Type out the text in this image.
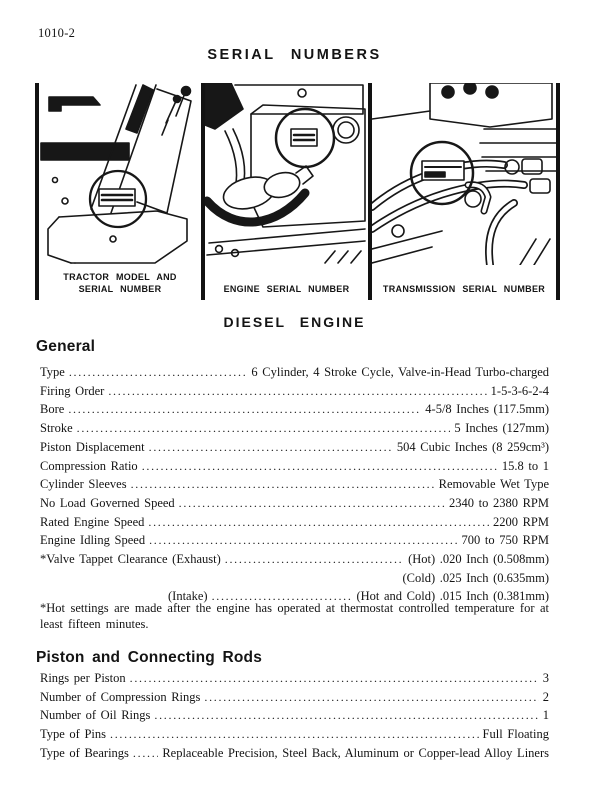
1010-2
SERIAL NUMBERS
TRACTOR MODEL AND SERIAL NUMBER	ENGINE SERIAL NUMBER	TRANSMISSION SERIAL NUMBER
DIESEL ENGINE
General
Type .....	6 Cylinder, 4 Stroke Cycle, Valve-in-Head Turbo-charged
Firing Order .....	1-5-3-6-2-4
Bore .....	4-5/8 Inches (117.5mm)
Stroke .....	5 Inches (127mm)
Piston Displacement .....	504 Cubic Inches (8 259cm³)
Compression Ratio .....	15.8 to 1
Cylinder Sleeves .....	Removable Wet Type
No Load Governed Speed .....	2340 to 2380 RPM
Rated Engine Speed .....	2200 RPM
Engine Idling Speed .....	700 to 750 RPM
*Valve Tappet Clearance (Exhaust) .....	(Hot) .020 Inch (0.508mm)
(Cold) .025 Inch (0.635mm)
(Intake) .....	(Hot and Cold) .015 Inch (0.381mm)
*Hot settings are made after the engine has operated at thermostat controlled temperature for at least fifteen minutes.
Piston and Connecting Rods
Rings per Piston .....	3
Number of Compression Rings .....	2
Number of Oil Rings .....	1
Type of Pins .....	Full Floating
Type of Bearings .....	Replaceable Precision, Steel Back, Aluminum or Copper-lead Alloy Liners
